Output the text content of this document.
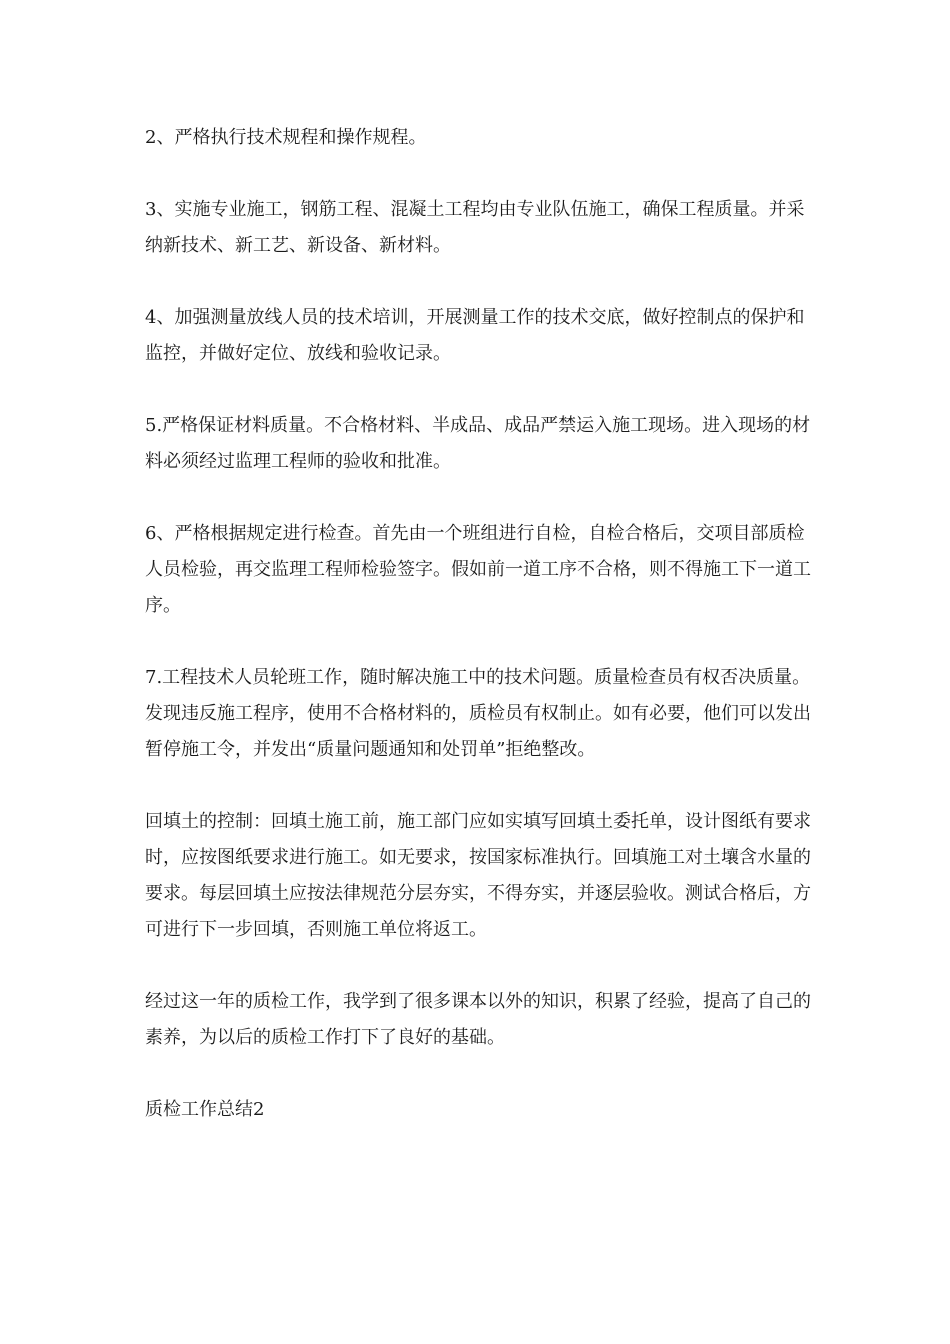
2、严格执行技术规程和操作规程。

3、实施专业施工，钢筋工程、混凝土工程均由专业队伍施工，确保工程质量。并采纳新技术、新工艺、新设备、新材料。

4、加强测量放线人员的技术培训，开展测量工作的技术交底，做好控制点的保护和监控，并做好定位、放线和验收记录。

5.严格保证材料质量。不合格材料、半成品、成品严禁运入施工现场。进入现场的材料必须经过监理工程师的验收和批准。

6、严格根据规定进行检查。首先由一个班组进行自检，自检合格后，交项目部质检人员检验，再交监理工程师检验签字。假如前一道工序不合格，则不得施工下一道工序。

7.工程技术人员轮班工作，随时解决施工中的技术问题。质量检查员有权否决质量。发现违反施工程序，使用不合格材料的，质检员有权制止。如有必要，他们可以发出暂停施工令，并发出“质量问题通知和处罚单”拒绝整改。

回填土的控制：回填土施工前，施工部门应如实填写回填土委托单，设计图纸有要求时，应按图纸要求进行施工。如无要求，按国家标准执行。回填施工对土壤含水量的要求。每层回填土应按法律规范分层夯实，不得夯实，并逐层验收。测试合格后，方可进行下一步回填，否则施工单位将返工。

经过这一年的质检工作，我学到了很多课本以外的知识，积累了经验，提高了自己的素养，为以后的质检工作打下了良好的基础。

质检工作总结2
